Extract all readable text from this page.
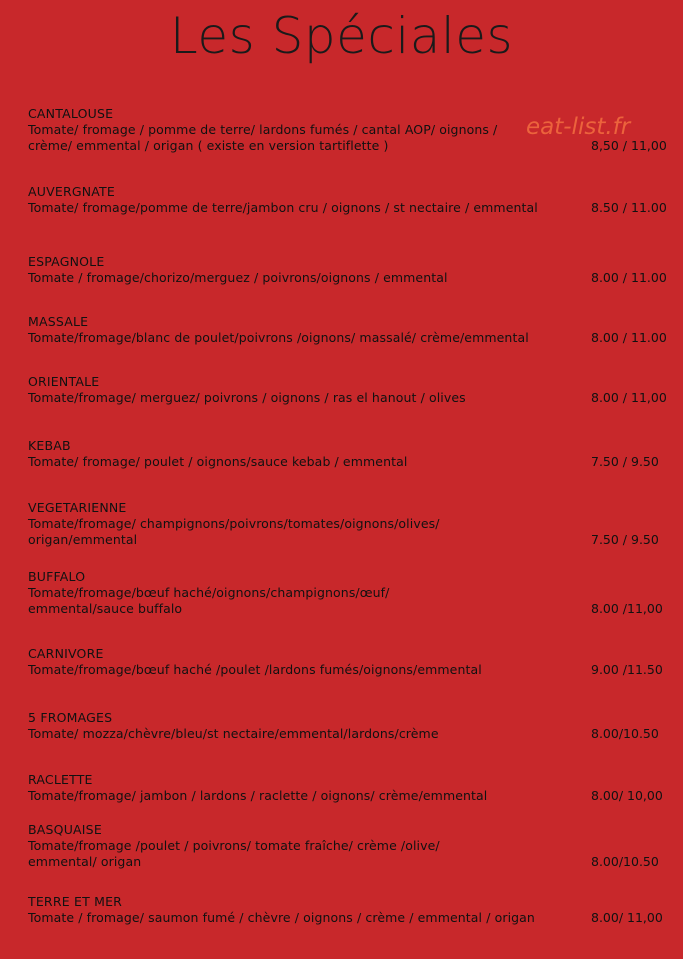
Les Spéciales
eat-list.fr
CANTALOUSE
Tomate/ fromage / pomme de terre/ lardons fumés / cantal AOP/ oignons /
crème/ emmental / origan ( existe en version tartiflette )	8,50 / 11,00
AUVERGNATE
Tomate/ fromage/pomme de terre/jambon cru / oignons / st nectaire / emmental	8.50 / 11.00
ESPAGNOLE
Tomate / fromage/chorizo/merguez / poivrons/oignons / emmental	8.00 / 11.00
MASSALE
Tomate/fromage/blanc de poulet/poivrons /oignons/ massalé/ crème/emmental	8.00 / 11.00
ORIENTALE
Tomate/fromage/ merguez/ poivrons / oignons / ras el hanout / olives	8.00 / 11,00
KEBAB
Tomate/ fromage/ poulet / oignons/sauce kebab / emmental	7.50 / 9.50
VEGETARIENNE
Tomate/fromage/ champignons/poivrons/tomates/oignons/olives/
origan/emmental	7.50 / 9.50
BUFFALO
Tomate/fromage/bœuf haché/oignons/champignons/œuf/
emmental/sauce buffalo	8.00 /11,00
CARNIVORE
Tomate/fromage/bœuf haché /poulet /lardons fumés/oignons/emmental	9.00 /11.50
5 FROMAGES
Tomate/ mozza/chèvre/bleu/st nectaire/emmental/lardons/crème	8.00/10.50
RACLETTE
Tomate/fromage/ jambon / lardons / raclette / oignons/ crème/emmental	8.00/ 10,00
BASQUAISE
Tomate/fromage /poulet / poivrons/ tomate fraîche/ crème /olive/
emmental/ origan	8.00/10.50
TERRE ET MER
Tomate / fromage/ saumon fumé / chèvre / oignons / crème / emmental / origan	8.00/ 11,00
